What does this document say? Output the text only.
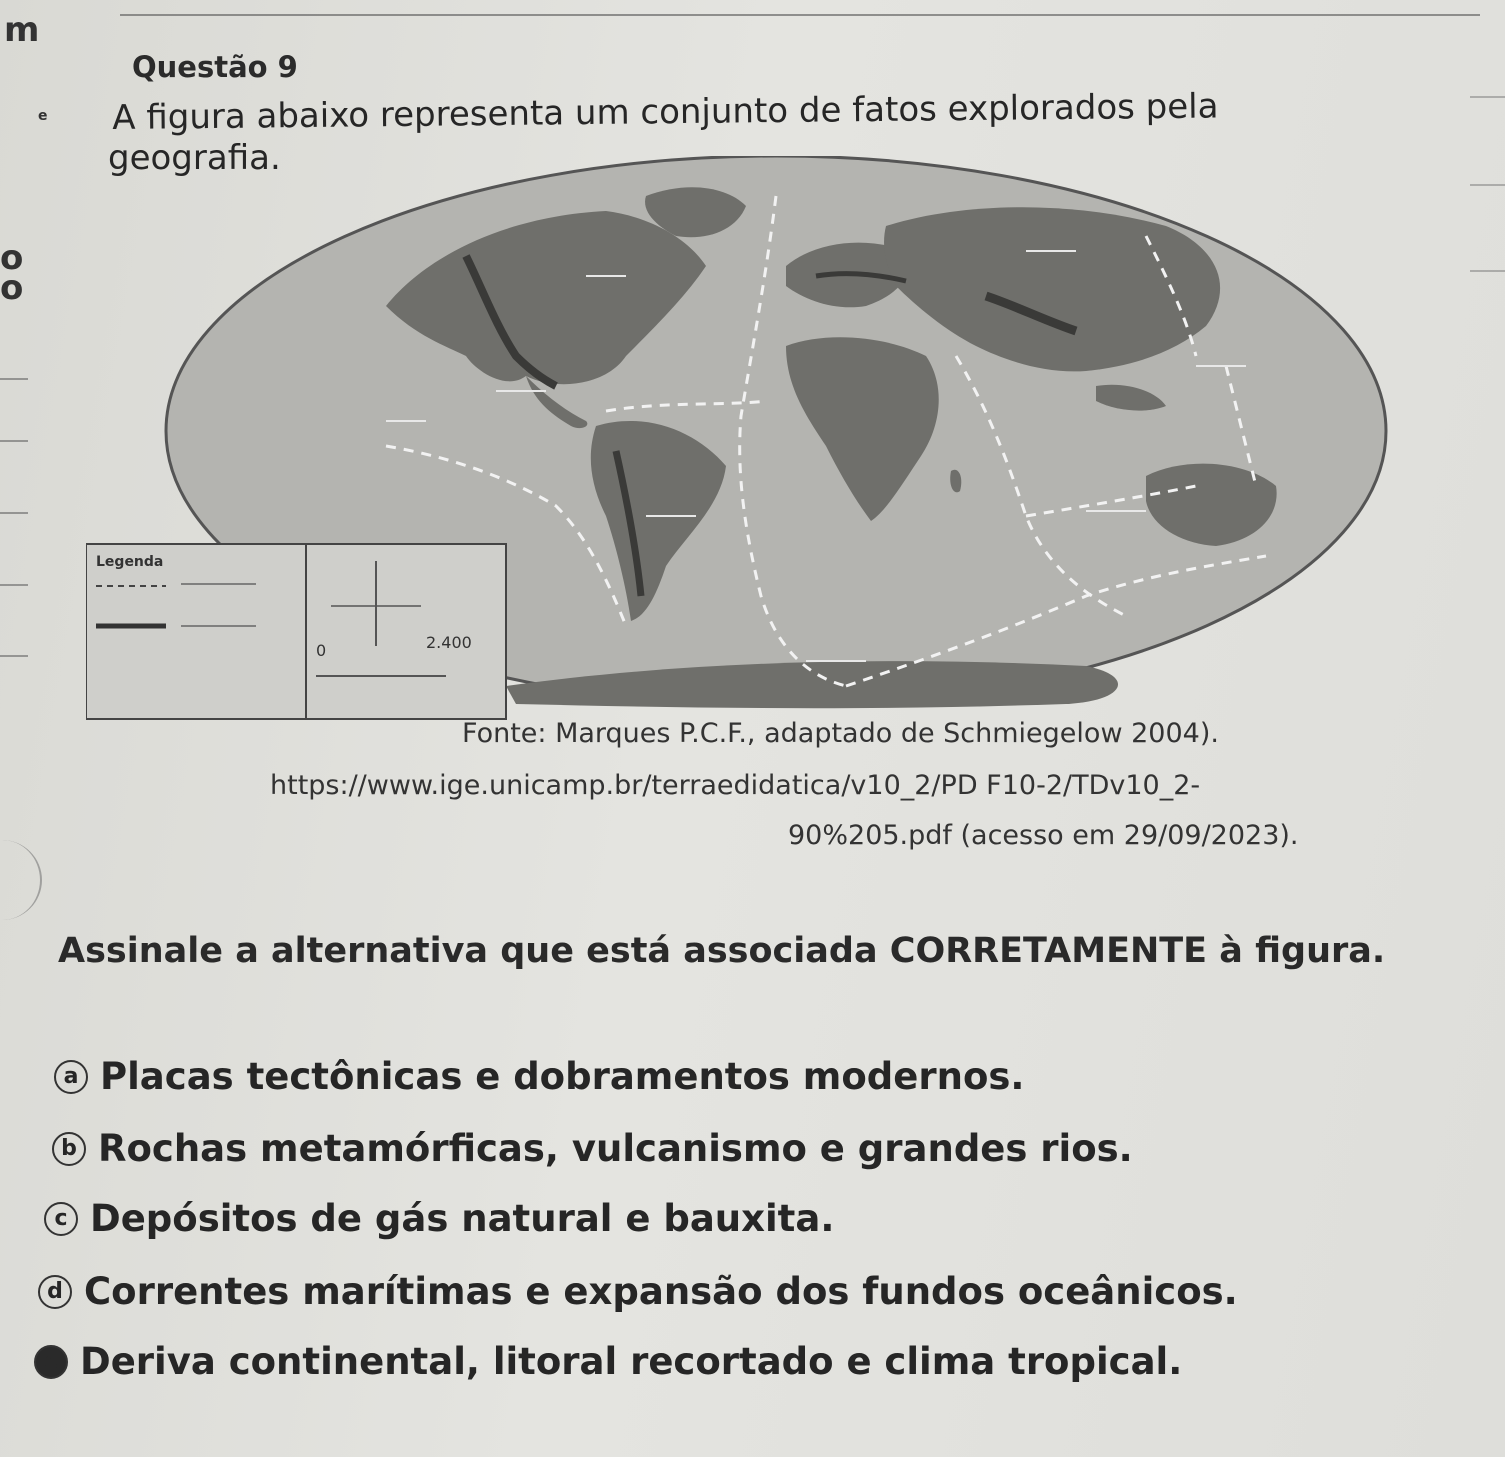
m
e
o
o
Questão 9
A figura abaixo representa um conjunto de fatos explorados pela
geografia.
Legenda
0	2.400
Fonte: Marques P.C.F., adaptado de Schmiegelow 2004).
https://www.ige.unicamp.br/terraedidatica/v10_2/PD F10-2/TDv10_2-
90%205.pdf (acesso em 29/09/2023).
Assinale a alternativa que está associada CORRETAMENTE à figura.
a Placas tectônicas e dobramentos modernos.
b Rochas metamórficas, vulcanismo e grandes rios.
c Depósitos de gás natural e bauxita.
d Correntes marítimas e expansão dos fundos oceânicos.
e Deriva continental, litoral recortado e clima tropical.
